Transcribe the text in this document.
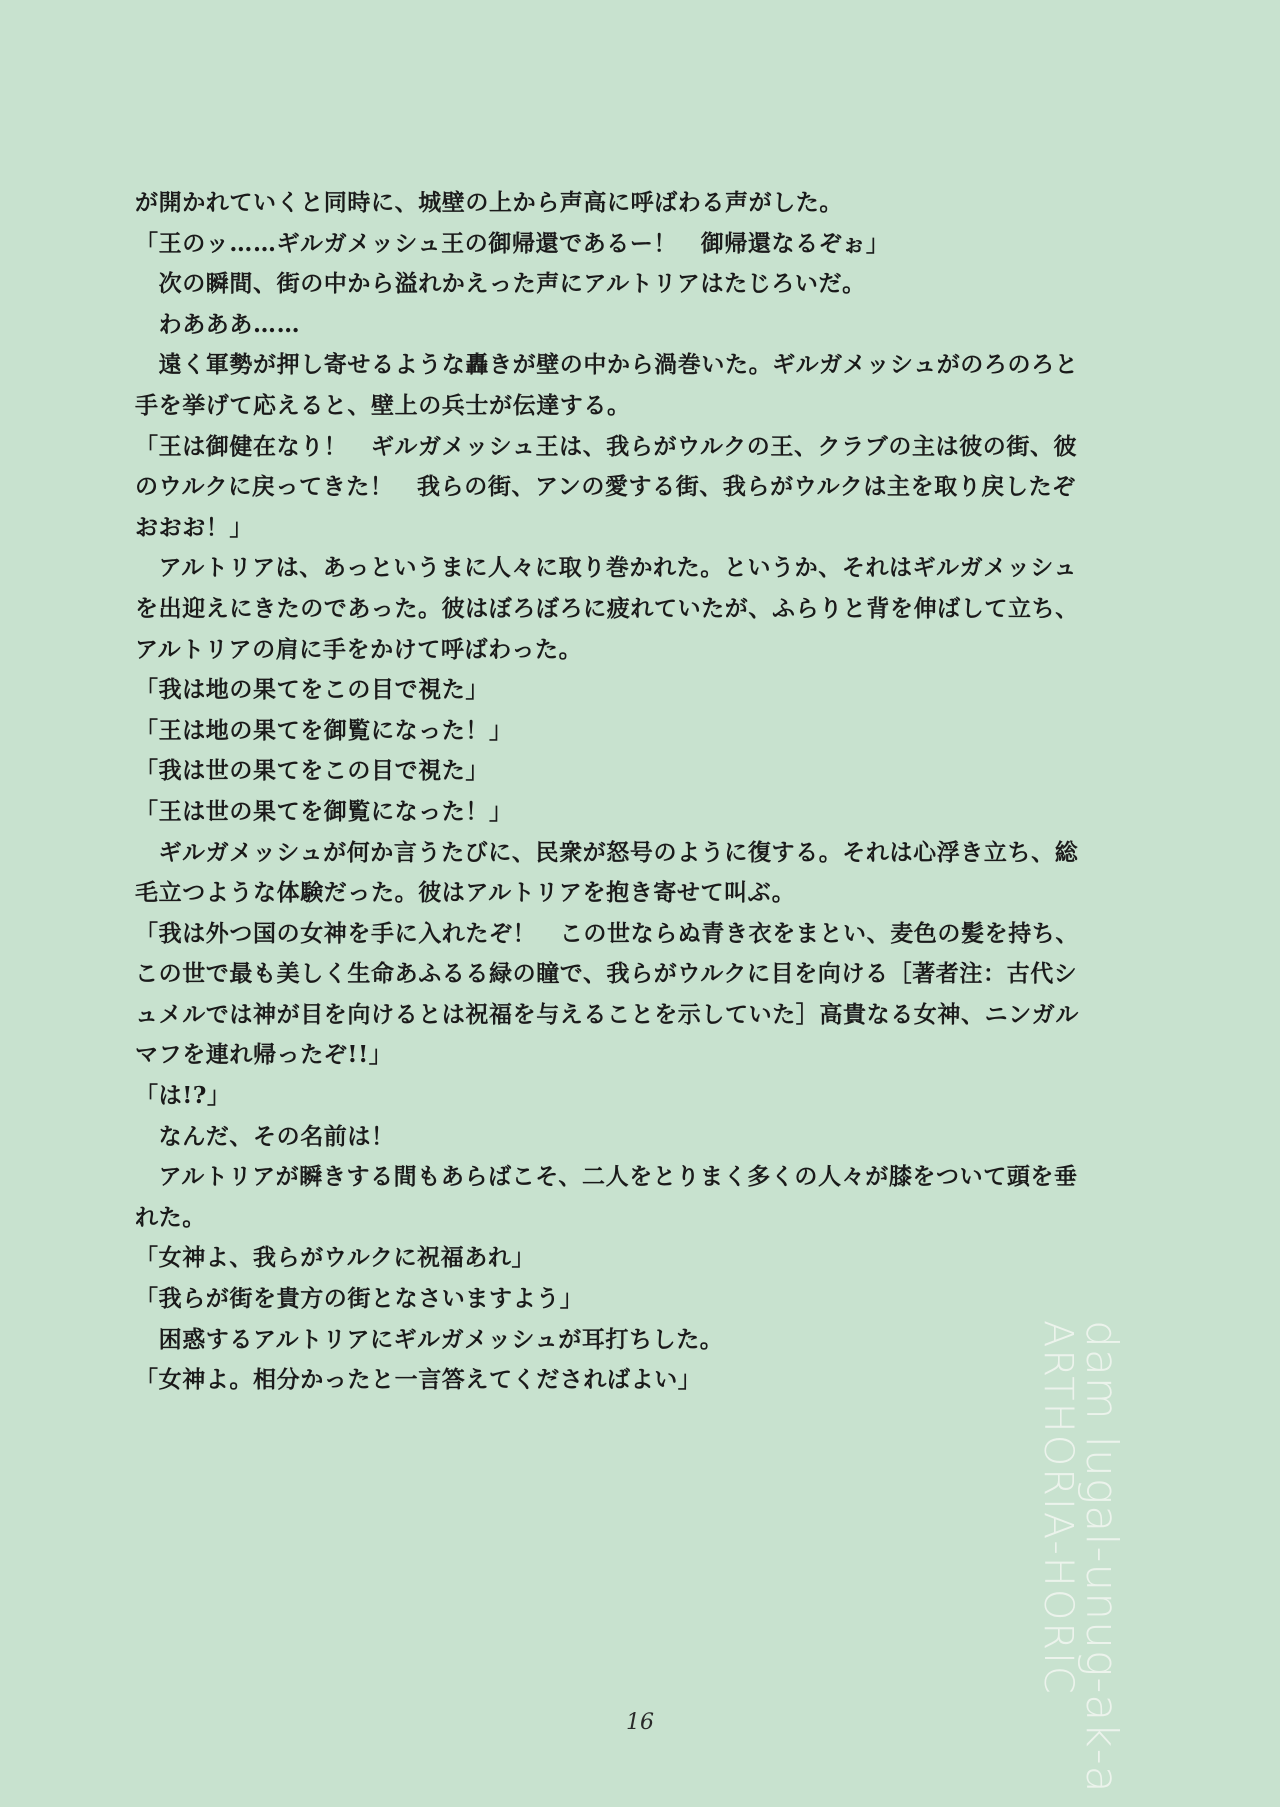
が開かれていくと同時に、城壁の上から声高に呼ばわる声がした。
「王のッ……ギルガメッシュ王の御帰還であるー！　御帰還なるぞぉ」
　次の瞬間、街の中から溢れかえった声にアルトリアはたじろいだ。
　わあああ……
　遠く軍勢が押し寄せるような轟きが壁の中から渦巻いた。ギルガメッシュがのろのろと
手を挙げて応えると、壁上の兵士が伝達する。
「王は御健在なり！　ギルガメッシュ王は、我らがウルクの王、クラブの主は彼の街、彼
のウルクに戻ってきた！　我らの街、アンの愛する街、我らがウルクは主を取り戻したぞ
おおお！」
　アルトリアは、あっというまに人々に取り巻かれた。というか、それはギルガメッシュ
を出迎えにきたのであった。彼はぼろぼろに疲れていたが、ふらりと背を伸ばして立ち、
アルトリアの肩に手をかけて呼ばわった。
「我は地の果てをこの目で視た」
「王は地の果てを御覧になった！」
「我は世の果てをこの目で視た」
「王は世の果てを御覧になった！」
　ギルガメッシュが何か言うたびに、民衆が怒号のように復する。それは心浮き立ち、総
毛立つような体験だった。彼はアルトリアを抱き寄せて叫ぶ。
「我は外つ国の女神を手に入れたぞ！　この世ならぬ青き衣をまとい、麦色の髪を持ち、
この世で最も美しく生命あふるる緑の瞳で、我らがウルクに目を向ける［著者注：古代シ
ュメルでは神が目を向けるとは祝福を与えることを示していた］高貴なる女神、ニンガル
マフを連れ帰ったぞ!!」
「は!?」
　なんだ、その名前は！
　アルトリアが瞬きする間もあらばこそ、二人をとりまく多くの人々が膝をついて頭を垂
れた。
「女神よ、我らがウルクに祝福あれ」
「我らが街を貴方の街となさいますよう」
　困惑するアルトリアにギルガメッシュが耳打ちした。
「女神よ。相分かったと一言答えてくださればよい」
16	dam lugal-unug-ak-a
ARTHORIA-HORIC
